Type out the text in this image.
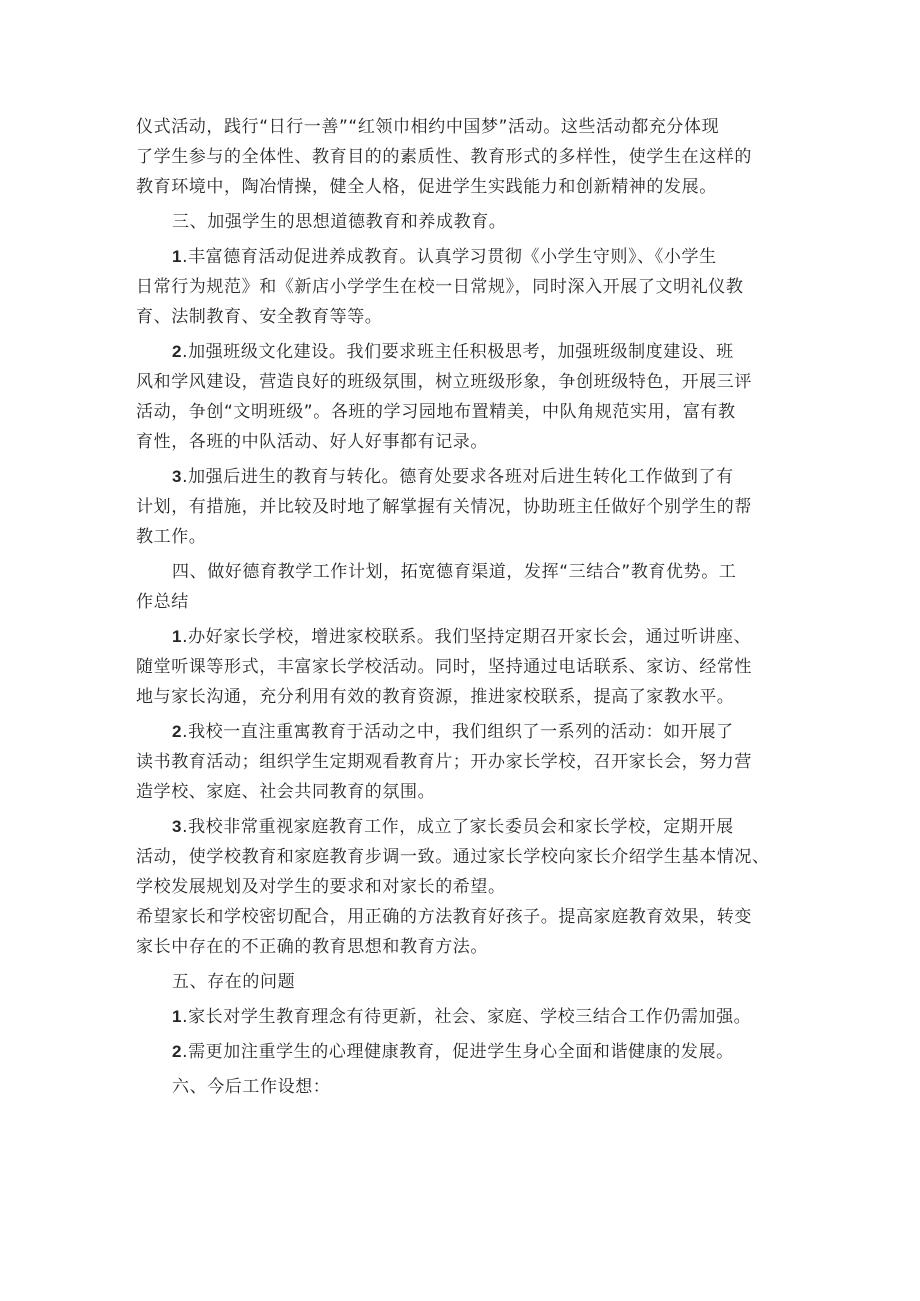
仪式活动，践行“日行一善”“红领巾相约中国梦”活动。这些活动都充分体现
了学生参与的全体性、教育目的的素质性、教育形式的多样性，使学生在这样的
教育环境中，陶冶情操，健全人格，促进学生实践能力和创新精神的发展。
三、加强学生的思想道德教育和养成教育。
1.丰富德育活动促进养成教育。认真学习贯彻《小学生守则》、《小学生
日常行为规范》和《新店小学学生在校一日常规》，同时深入开展了文明礼仪教
育、法制教育、安全教育等等。
2.加强班级文化建设。我们要求班主任积极思考，加强班级制度建设、班
风和学风建设，营造良好的班级氛围，树立班级形象，争创班级特色，开展三评
活动，争创“文明班级”。各班的学习园地布置精美，中队角规范实用，富有教
育性，各班的中队活动、好人好事都有记录。
3.加强后进生的教育与转化。德育处要求各班对后进生转化工作做到了有
计划，有措施，并比较及时地了解掌握有关情况，协助班主任做好个别学生的帮
教工作。
四、做好德育教学工作计划，拓宽德育渠道，发挥“三结合”教育优势。工
作总结
1.办好家长学校，增进家校联系。我们坚持定期召开家长会，通过听讲座、
随堂听课等形式，丰富家长学校活动。同时，坚持通过电话联系、家访、经常性
地与家长沟通，充分利用有效的教育资源，推进家校联系，提高了家教水平。
2.我校一直注重寓教育于活动之中，我们组织了一系列的活动：如开展了
读书教育活动；组织学生定期观看教育片；开办家长学校，召开家长会，努力营
造学校、家庭、社会共同教育的氛围。
3.我校非常重视家庭教育工作，成立了家长委员会和家长学校，定期开展
活动，使学校教育和家庭教育步调一致。通过家长学校向家长介绍学生基本情况、
学校发展规划及对学生的要求和对家长的希望。
希望家长和学校密切配合，用正确的方法教育好孩子。提高家庭教育效果，转变
家长中存在的不正确的教育思想和教育方法。
五、存在的问题
1.家长对学生教育理念有待更新，社会、家庭、学校三结合工作仍需加强。
2.需更加注重学生的心理健康教育，促进学生身心全面和谐健康的发展。
六、今后工作设想：
